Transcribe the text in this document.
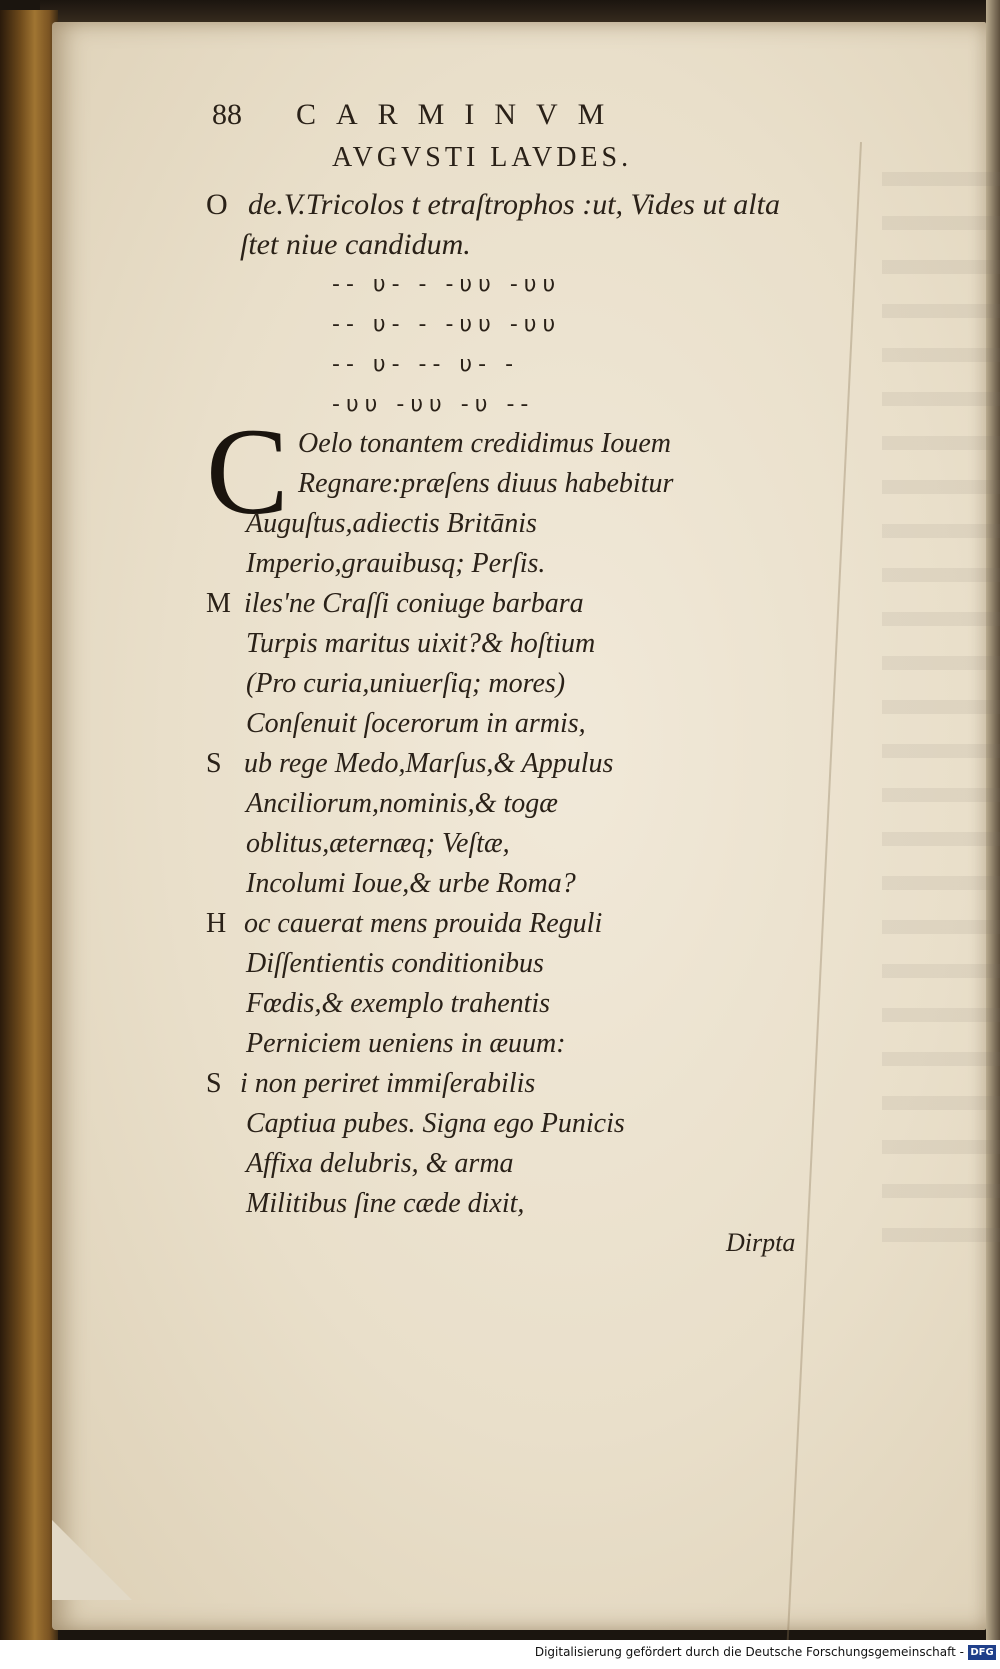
88	CARMINVM
AVGVSTI LAVDES.
O de.V.Tricolos t etraſtrophos :ut, Vides ut alta
ſtet niue candidum.
-- υ- - -υυ -υυ
-- υ- - -υυ -υυ
-- υ- -- υ- -
-υυ -υυ -υ --
C Oelo tonantem credidimus Iouem
Regnare:præſens diuus habebitur
Auguſtus,adiectis Britānis
Imperio,grauibusq; Perſis.
M iles'ne Craſſi coniuge barbara
Turpis maritus uixit?& hoſtium
(Pro curia,uniuerſiq; mores)
Conſenuit ſocerorum in armis,
S ub rege Medo,Marſus,& Appulus
Anciliorum,nominis,& togæ
oblitus,æternæq; Veſtæ,
Incolumi Ioue,& urbe Roma?
H oc cauerat mens prouida Reguli
Diſſentientis conditionibus
Fœdis,& exemplo trahentis
Perniciem ueniens in æuum:
S i non periret immiſerabilis
Captiua pubes. Signa ego Punicis
Affixa delubris, & arma
Militibus ſine cæde dixit,
Dirpta
Digitalisierung gefördert durch die Deutsche Forschungsgemeinschaft - DFG
